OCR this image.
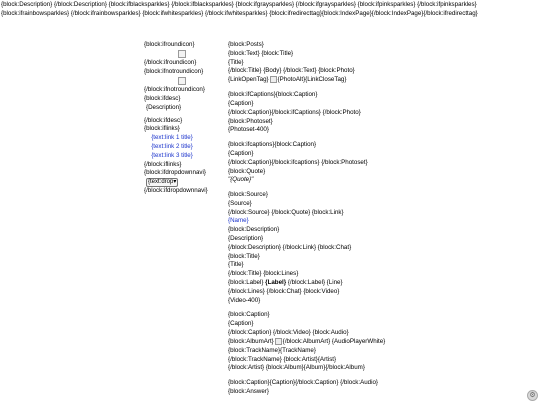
{block:Description} {/block:Description} {block:ifblacksparkles} {/block:ifblacksparkles} {block:ifgraysparkles} {/block:ifgraysparkles} {block:ifpinksparkles} {/block:ifpinksparkles}
{block:ifrainbowsparkles} {/block:ifrainbowsparkles} {block:ifwhitesparkles} {/block:ifwhitesparkles} {block:ifredirecttag}{block:IndexPage}{/block:IndexPage}{/block:ifredirecttag}
{block:ifroundicon}
{/block:ifroundicon}
{block:ifnotroundicon}
{/block:ifnotroundicon}
{block:ifdesc}
{Description}
{/block:ifdesc}
{block:iflinks}
{text:link 1 title} {text:link 2 title}
{text:link 3 title}
{/block:iflinks}
{block:ifdropdownnavi}
{text:drop▾
{/block:ifdropdownnavi}
{block:Posts}
{block:Text} {block:Title}
{Title}
{/block:Title} {Body} {/block:Text} {block:Photo}
{LinkOpenTag} {PhotoAlt}{LinkCloseTag}
{block:ifCaptions}{block:Caption}
{Caption}
{/block:Caption}{/block:ifCaptions} {/block:Photo}
{block:Photoset}
{Photoset-400}
{block:ifcaptions}{block:Caption}
{Caption}
{/block:Caption}{/block:ifcaptions} {/block:Photoset}
{block:Quote}
"{Quote}"
{block:Source}
{Source}
{/block:Source} {/block:Quote} {block:Link}
{Name}
{block:Description}
{Description}
{/block:Description} {/block:Link} {block:Chat}
{block:Title}
{Title}
{/block:Title} {block:Lines}
{block:Label} {Label} {/block:Label} {Line}
{/block:Lines} {/block:Chat} {block:Video}
{Video-400}
{block:Caption}
{Caption}
{/block:Caption} {/block:Video} {block:Audio}
{block:AlbumArt} {/block:AlbumArt} {AudioPlayerWhite}
{block:TrackName}{TrackName}
{/block:TrackName} {block:Artist}{Artist}
{/block:Artist} {block:Album}{Album}{/block:Album}
{block:Caption}{Caption}{/block:Caption} {/block:Audio}
{block:Answer}
⚙
